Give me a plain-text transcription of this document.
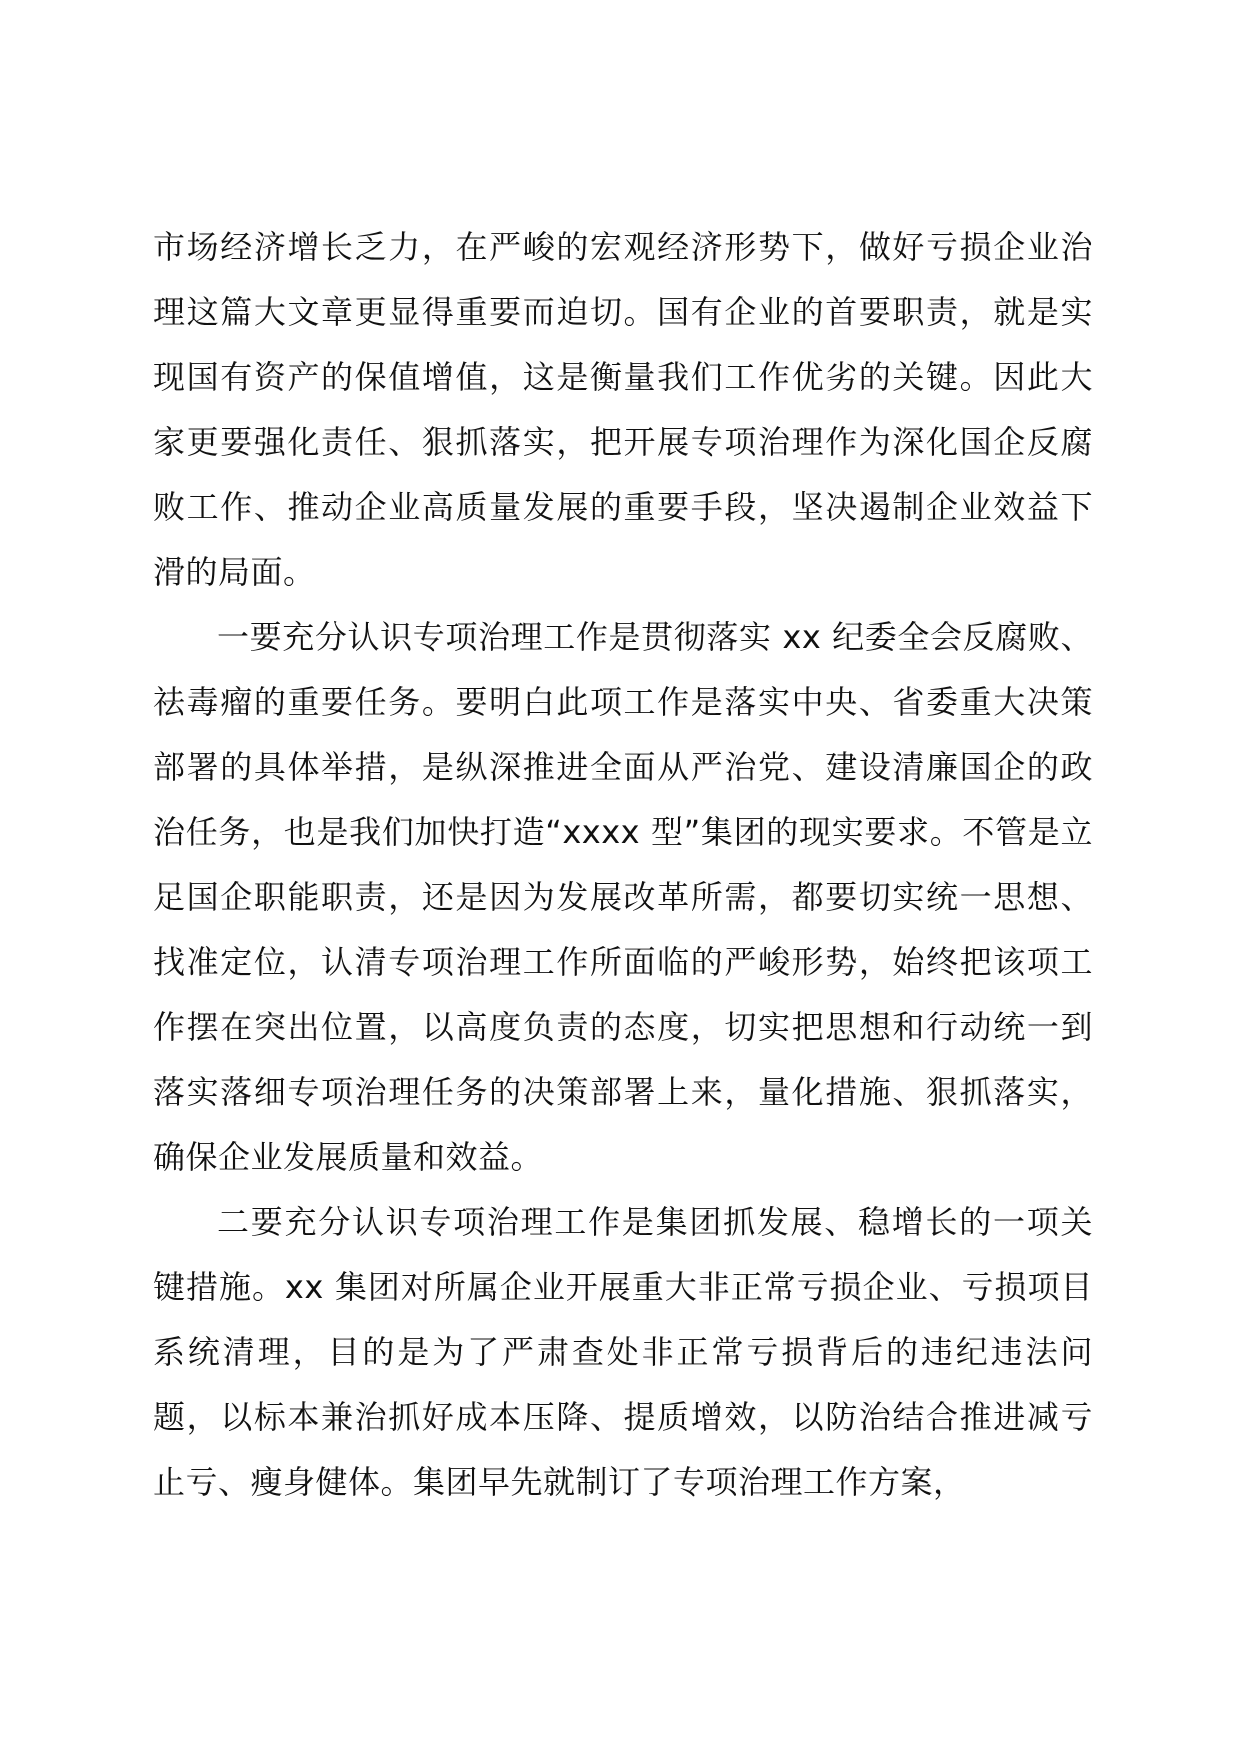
市场经济增长乏力，在严峻的宏观经济形势下，做好亏损企业治理这篇大文章更显得重要而迫切。国有企业的首要职责，就是实现国有资产的保值增值，这是衡量我们工作优劣的关键。因此大家更要强化责任、狠抓落实，把开展专项治理作为深化国企反腐败工作、推动企业高质量发展的重要手段，坚决遏制企业效益下滑的局面。

一要充分认识专项治理工作是贯彻落实 xx 纪委全会反腐败、祛毒瘤的重要任务。要明白此项工作是落实中央、省委重大决策部署的具体举措，是纵深推进全面从严治党、建设清廉国企的政治任务，也是我们加快打造“xxxx 型”集团的现实要求。不管是立足国企职能职责，还是因为发展改革所需，都要切实统一思想、找准定位，认清专项治理工作所面临的严峻形势，始终把该项工作摆在突出位置，以高度负责的态度，切实把思想和行动统一到落实落细专项治理任务的决策部署上来，量化措施、狠抓落实，确保企业发展质量和效益。

二要充分认识专项治理工作是集团抓发展、稳增长的一项关键措施。xx 集团对所属企业开展重大非正常亏损企业、亏损项目系统清理，目的是为了严肃查处非正常亏损背后的违纪违法问题，以标本兼治抓好成本压降、提质增效，以防治结合推进减亏止亏、瘦身健体。集团早先就制订了专项治理工作方案，
